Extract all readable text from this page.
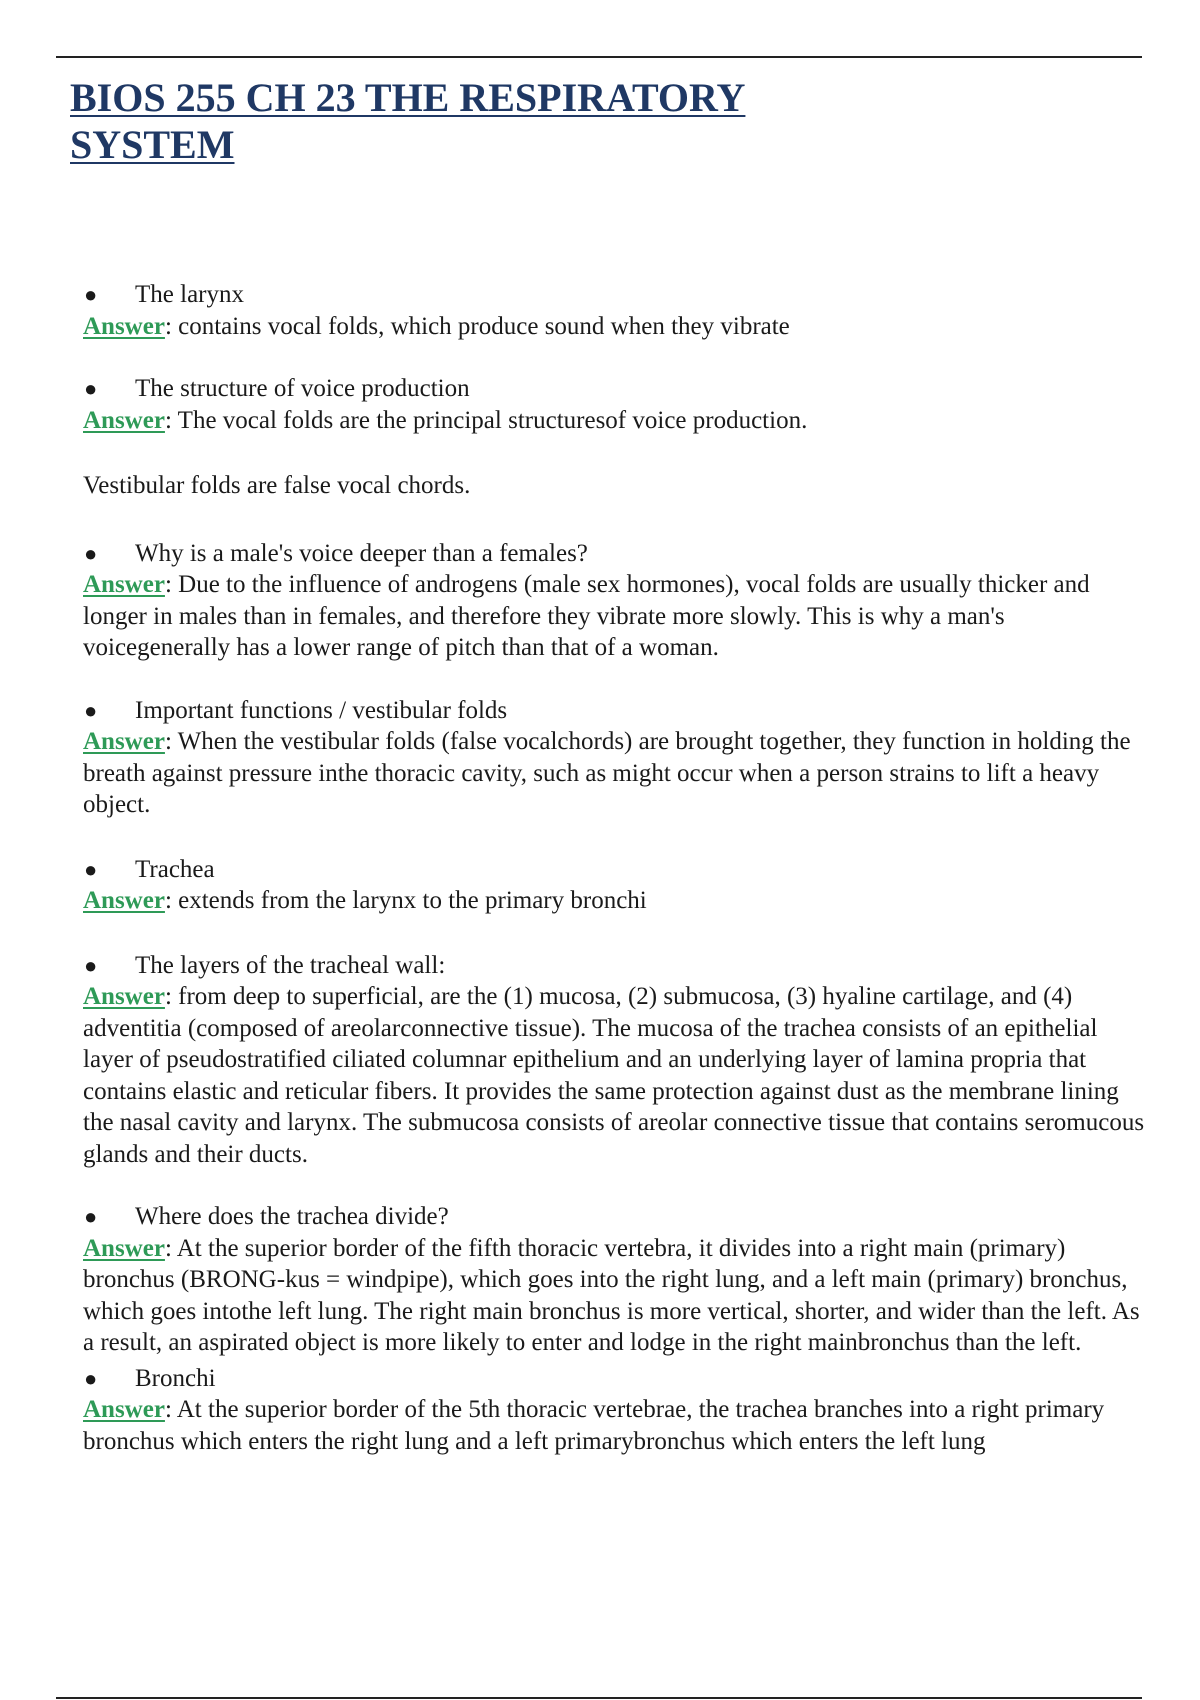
BIOS 255 CH 23 THE RESPIRATORY
SYSTEM
● The larynx

Answer: contains vocal folds, which produce sound when they vibrate

● The structure of voice production

Answer: The vocal folds are the principal structuresof voice production.

Vestibular folds are false vocal chords.

● Why is a male's voice deeper than a females?

Answer: Due to the influence of androgens (male sex hormones), vocal folds are usually thicker and longer in males than in females, and therefore they vibrate more slowly. This is why a man's voicegenerally has a lower range of pitch than that of a woman.

● Important functions / vestibular folds

Answer: When the vestibular folds (false vocalchords) are brought together, they function in holding the breath against pressure inthe thoracic cavity, such as might occur when a person strains to lift a heavy object.

● Trachea

Answer: extends from the larynx to the primary bronchi

● The layers of the tracheal wall:

Answer: from deep to superficial, are the (1) mucosa, (2) submucosa, (3) hyaline cartilage, and (4) adventitia (composed of areolarconnective tissue). The mucosa of the trachea consists of an epithelial layer of pseudostratified ciliated columnar epithelium and an underlying layer of lamina propria that contains elastic and reticular fibers. It provides the same protection against dust as the membrane lining the nasal cavity and larynx. The submucosa consists of areolar connective tissue that contains seromucous glands and their ducts.

● Where does the trachea divide?

Answer: At the superior border of the fifth thoracic vertebra, it divides into a right main (primary) bronchus (BRONG-kus = windpipe), which goes into the right lung, and a left main (primary) bronchus, which goes intothe left lung. The right main bronchus is more vertical, shorter, and wider than the left. As a result, an aspirated object is more likely to enter and lodge in the right mainbronchus than the left.

● Bronchi

Answer: At the superior border of the 5th thoracic vertebrae, the trachea branches into a right primary bronchus which enters the right lung and a left primarybronchus which enters the left lung
